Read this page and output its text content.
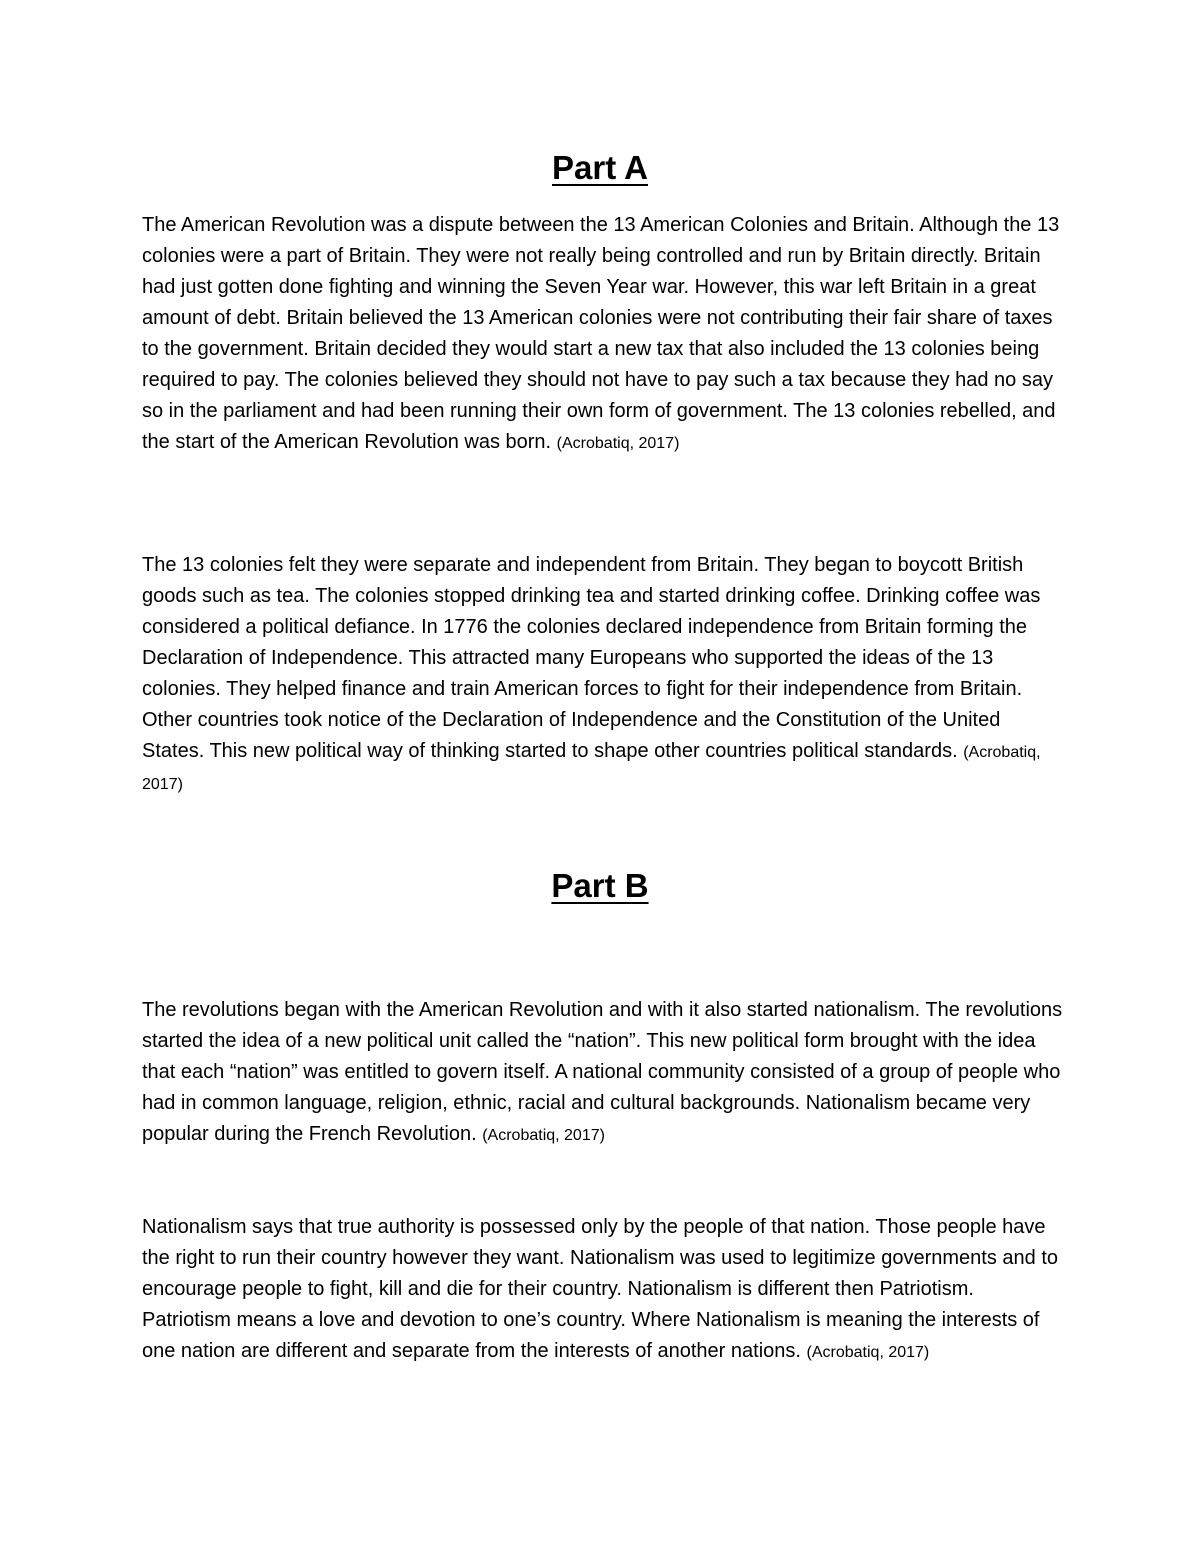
Part A

The American Revolution was a dispute between the 13 American Colonies and Britain. Although the 13 colonies were a part of Britain. They were not really being controlled and run by Britain directly. Britain had just gotten done fighting and winning the Seven Year war. However, this war left Britain in a great amount of debt. Britain believed the 13 American colonies were not contributing their fair share of taxes to the government. Britain decided they would start a new tax that also included the 13 colonies being required to pay. The colonies believed they should not have to pay such a tax because they had no say so in the parliament and had been running their own form of government. The 13 colonies rebelled, and the start of the American Revolution was born. (Acrobatiq, 2017)

The 13 colonies felt they were separate and independent from Britain. They began to boycott British goods such as tea. The colonies stopped drinking tea and started drinking coffee. Drinking coffee was considered a political defiance. In 1776 the colonies declared independence from Britain forming the Declaration of Independence. This attracted many Europeans who supported the ideas of the 13 colonies. They helped finance and train American forces to fight for their independence from Britain. Other countries took notice of the Declaration of Independence and the Constitution of the United States. This new political way of thinking started to shape other countries political standards. (Acrobatiq, 2017)

Part B

The revolutions began with the American Revolution and with it also started nationalism. The revolutions started the idea of a new political unit called the “nation”. This new political form brought with the idea that each “nation” was entitled to govern itself. A national community consisted of a group of people who had in common language, religion, ethnic, racial and cultural backgrounds. Nationalism became very popular during the French Revolution. (Acrobatiq, 2017)

Nationalism says that true authority is possessed only by the people of that nation. Those people have the right to run their country however they want. Nationalism was used to legitimize governments and to encourage people to fight, kill and die for their country. Nationalism is different then Patriotism. Patriotism means a love and devotion to one’s country. Where Nationalism is meaning the interests of one nation are different and separate from the interests of another nations. (Acrobatiq, 2017)
